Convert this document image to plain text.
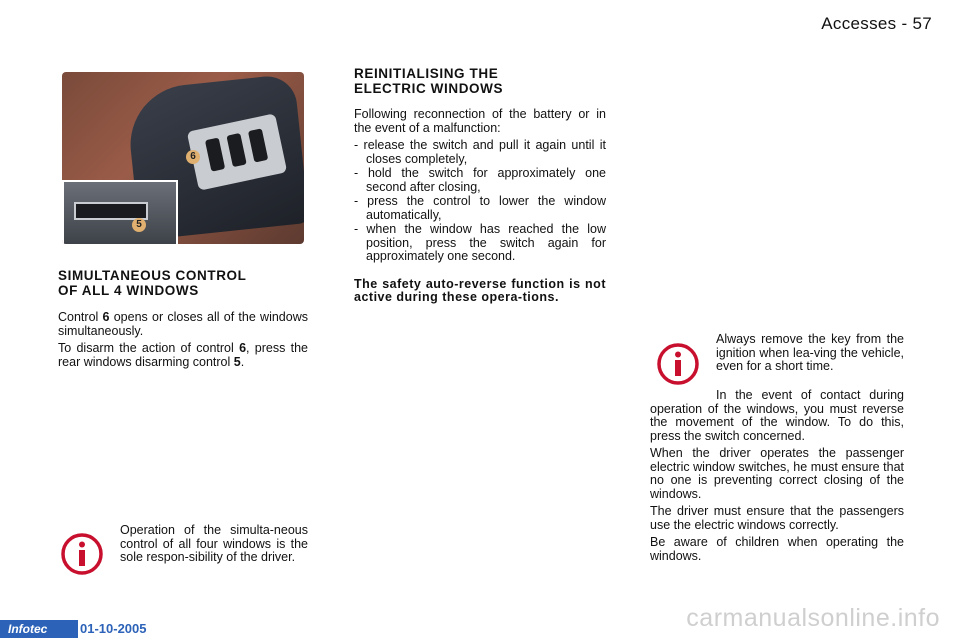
Accesses - 57
6
5
SIMULTANEOUS CONTROL
OF ALL 4 WINDOWS

Control 6 opens or closes all of the windows simultaneously.

To disarm the action of control 6, press the rear windows disarming control 5.

Operation of the simulta-neous control of all four windows is the sole respon-sibility of the driver.

REINITIALISING THE
ELECTRIC WINDOWS

Following reconnection of the battery or in the event of a malfunction:

- release the switch and pull it again until it closes completely,
- hold the switch for approximately one second after closing,
- press the control to lower the window automatically,
- when the window has reached the low position, press the switch again for approximately one second.

The safety auto-reverse function is not active during these opera-tions.

Always remove the key from the ignition when lea-ving the vehicle, even for a short time.

In the event of contact during operation of the windows, you must reverse the movement of the window. To do this, press the switch concerned.

When the driver operates the passenger electric window switches, he must ensure that no one is preventing correct closing of the windows.

The driver must ensure that the passengers use the electric windows correctly.

Be aware of children when operating the windows.

Infotec	01-10-2005	carmanualsonline.info
